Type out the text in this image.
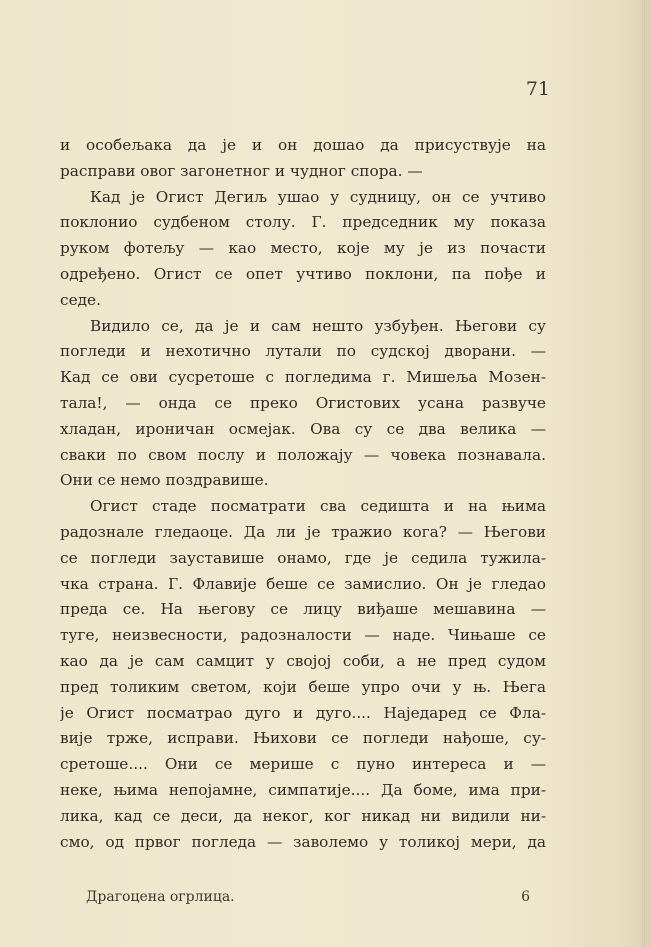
71
и особељака да је и он дошао да присуствује на
расправи овог загонетног и чудног спора. —
Кад је Огист Дегиљ ушао у судницу, он се учтиво
поклонио судбеном столу. Г. председник му показа
руком фотељу — као место, које му је из почасти
одређено. Огист се опет учтиво поклони, па пође и
седе.
Видило се, да је и сам нешто узбуђен. Његови су
погледи и нехотично лутали по судској дворани. —
Кад се ови сусретоше с погледима г. Мишеља Мозен-
тала!, — онда се преко Огистових усана развуче
хладан, ироничан осмејак. Ова су се два велика —
сваки по свом послу и положају — човека познавала.
Они се немо поздравише.
Огист стаде посматрати сва седишта и на њима
радознале гледаоце. Да ли је тражио кога? — Његови
се погледи зауставише онамо, где је седила тужила-
чка страна. Г. Флавије беше се замислио. Он је гледао
преда се. На његову се лицу виђаше мешавина —
туге, неизвесности, радозналости — наде. Чињаше се
као да је сам самцит у својој соби, а не пред судом
пред толиким светом, који беше упро очи у њ. Њега
је Огист посматрао дуго и дуго.... Наједаред се Фла-
вије трже, исправи. Њихови се погледи нађоше, су-
сретоше.... Они се мерише с пуно интереса и —
неке, њима непојамне, симпатије.... Да боме, има при-
лика, кад се деси, да неког, ког никад ни видили ни-
смо, од првог погледа — заволемо у толикој мери, да
Драгоцена огрлица.	6
